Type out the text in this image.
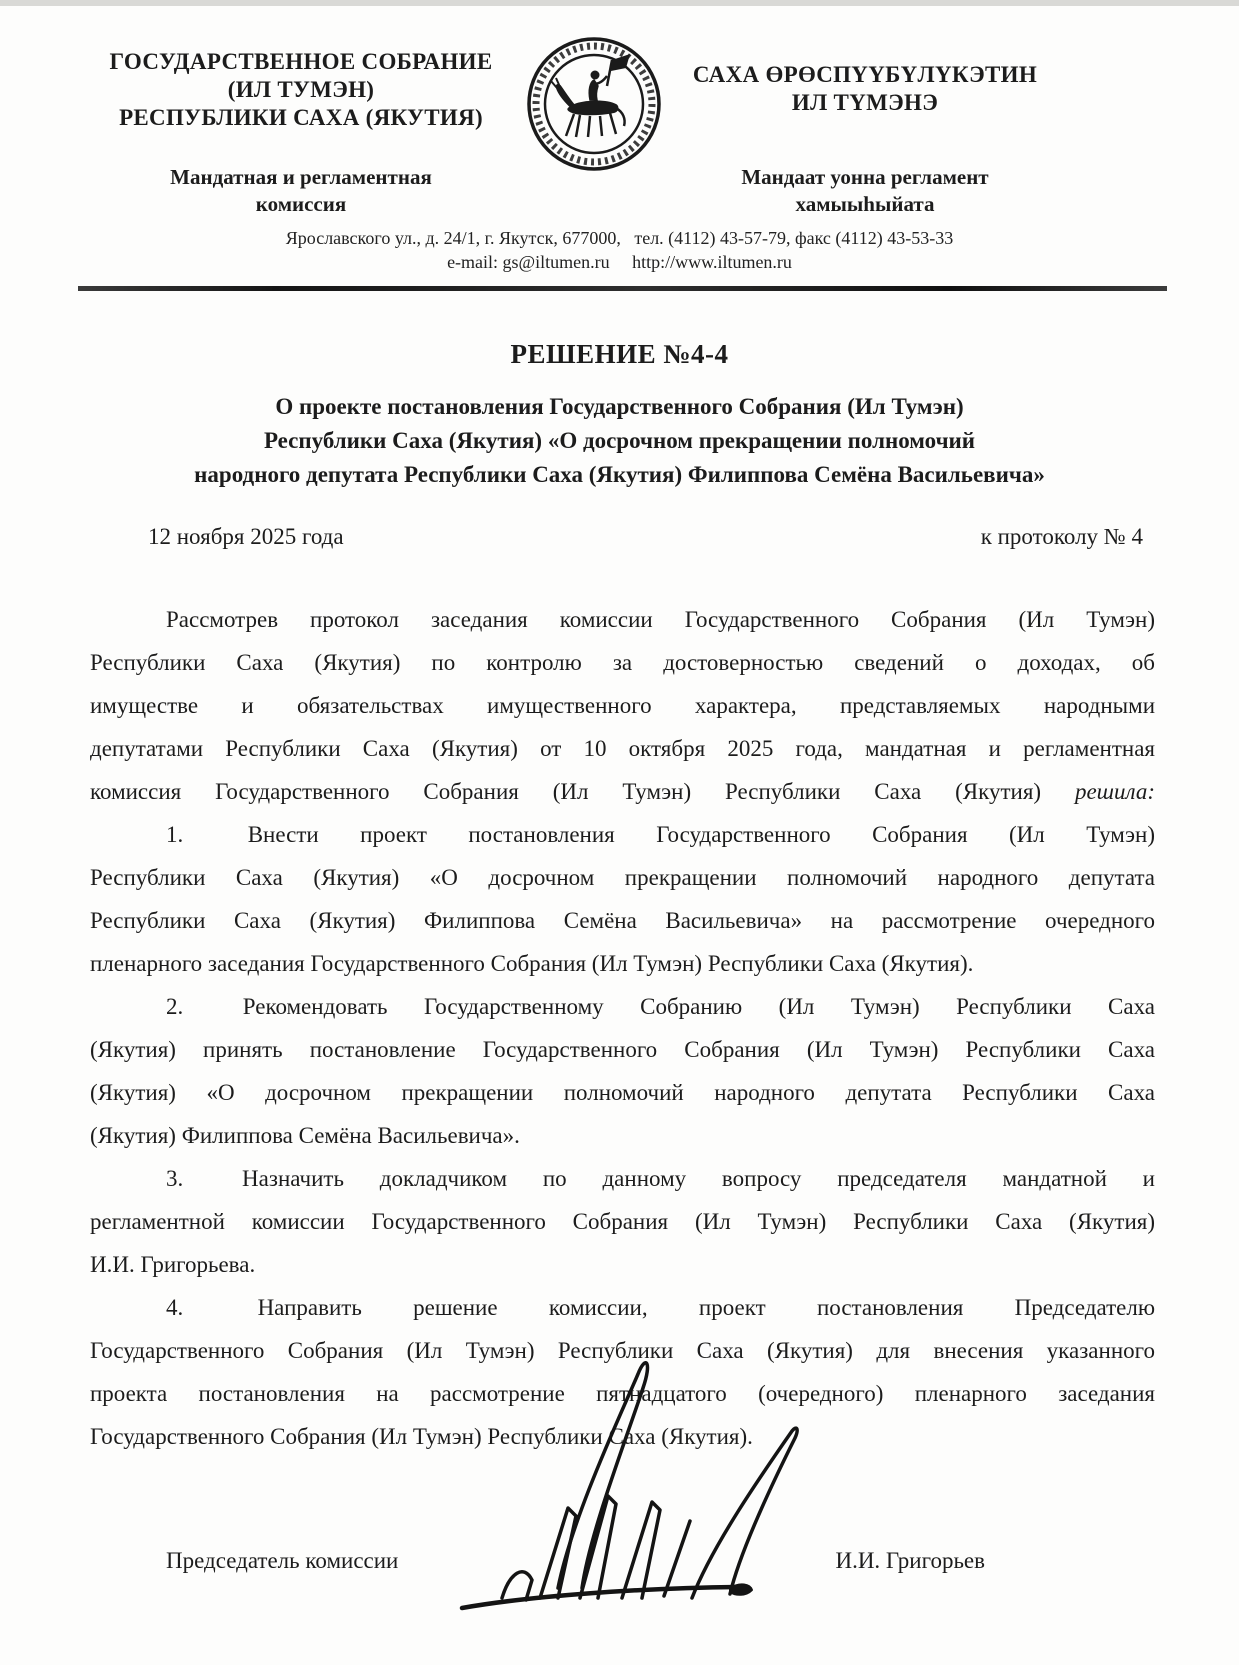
ГОСУДАРСТВЕННОЕ СОБРАНИЕ
(ИЛ ТУМЭН)
РЕСПУБЛИКИ САХА (ЯКУТИЯ)
Мандатная и регламентная
комиссия
САХА ӨРӨСПҮҮБҮЛҮКЭТИН
ИЛ ТҮМЭНЭ
Мандаат уонна регламент
хамыыһыйата
Ярославского ул., д. 24/1, г. Якутск, 677000,  тел. (4112) 43-57-79, факс (4112) 43-53-33
e-mail: gs@iltumen.ru  http://www.iltumen.ru
РЕШЕНИЕ №4-4
О проекте постановления Государственного Собрания (Ил Тумэн)
Республики Саха (Якутия) «О досрочном прекращении полномочий
народного депутата Республики Саха (Якутия) Филиппова Семёна Васильевича»
12 ноября 2025 года	к протоколу № 4
Рассмотрев протокол заседания комиссии Государственного Собрания (Ил Тумэн)
Республики Саха (Якутия) по контролю за достоверностью сведений о доходах, об
имуществе и обязательствах имущественного характера, представляемых народными
депутатами Республики Саха (Якутия) от 10 октября 2025 года, мандатная и регламентная
комиссия Государственного Собрания (Ил Тумэн) Республики Саха (Якутия) решила:
1.   Внести проект постановления Государственного Собрания (Ил Тумэн)
Республики Саха (Якутия) «О досрочном прекращении полномочий народного депутата
Республики Саха (Якутия) Филиппова Семёна Васильевича» на рассмотрение очередного
пленарного заседания Государственного Собрания (Ил Тумэн) Республики Саха (Якутия).
2.   Рекомендовать Государственному Собранию (Ил Тумэн) Республики Саха
(Якутия) принять постановление Государственного Собрания (Ил Тумэн) Республики Саха
(Якутия) «О досрочном прекращении полномочий народного депутата Республики Саха
(Якутия) Филиппова Семёна Васильевича».
3.   Назначить докладчиком по данному вопросу председателя мандатной и
регламентной комиссии Государственного Собрания (Ил Тумэн) Республики Саха (Якутия)
И.И. Григорьева.
4.   Направить решение комиссии, проект постановления Председателю
Государственного Собрания (Ил Тумэн) Республики Саха (Якутия) для внесения указанного
проекта постановления на рассмотрение пятнадцатого (очередного) пленарного заседания
Государственного Собрания (Ил Тумэн) Республики Саха (Якутия).
Председатель комиссии	И.И. Григорьев
